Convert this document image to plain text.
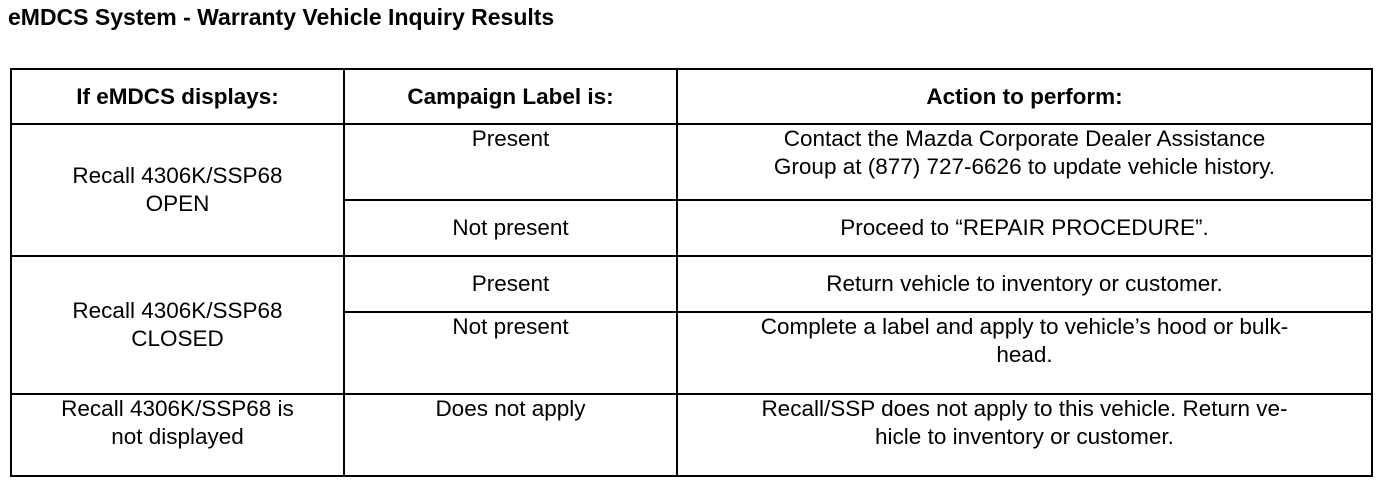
eMDCS System - Warranty Vehicle Inquiry Results
If eMDCS displays:	Campaign Label is:	Action to perform:

Recall 4306K/SSP68
OPEN	Present	Contact the Mazda Corporate Dealer Assistance
Group at (877) 727-6626 to update vehicle history.

	Not present	Proceed to “REPAIR PROCEDURE”.

Recall 4306K/SSP68
CLOSED	Present	Return vehicle to inventory or customer.

	Not present	Complete a label and apply to vehicle’s hood or bulk-
head.

Recall 4306K/SSP68 is
not displayed	Does not apply	Recall/SSP does not apply to this vehicle. Return ve-
hicle to inventory or customer.
